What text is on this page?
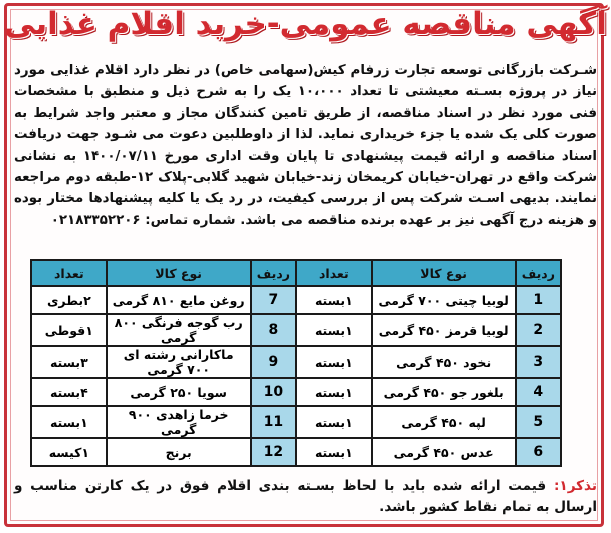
آگهی مناقصه عمومی-خرید اقلام غذایی

شـرکت بازرگانی توسعه تجارت زرفام کیش(سهامی خاص) در نظر دارد اقلام غذایی مورد نیاز در پروژه بسـته معیشتی تا تعداد ۱۰،۰۰۰ یک را به شرح ذیل و منطبق با مشخصات فنی مورد نظر در اسناد مناقصه، از طریق تامین کنندگان مجاز و معتبر واجد شرایط به صورت کلی یک شده یا جزء خریداری نماید. لذا از داوطلبین دعوت می شـود جهت دریافت اسناد مناقصه و ارائه قیمت پیشنهادی تا پایان وقت اداری مورخ ۱۴۰۰/۰۷/۱۱ به نشانی شرکت واقع در تهران-خیابان کریمخان زند-خیابان شهید گلابی-پلاک ۱۲-طبقه دوم مراجعه نمایند. بدیهی اسـت شرکت پس از بررسی کیفیت، در رد یک یا کلیه پیشنهادها مختار بوده و هزینه درج آگهی نیز بر عهده برنده مناقصه می باشد. شماره تماس: ۰۲۱۸۳۳۵۲۲۰۶

ردیف	نوع کالا	تعداد	ردیف	نوع کالا	تعداد
1	لوبیا چیتی ۷۰۰ گرمی	۱بسته	7	روغن مایع ۸۱۰ گرمی	۲بطری
2	لوبیا قرمز ۴۵۰ گرمی	۱بسته	8	رب گوجه فرنگی ۸۰۰ گرمی	۱قوطی
3	نخود ۴۵۰ گرمی	۱بسته	9	ماکارانی رشته ای ۷۰۰ گرمی	۳بسته
4	بلغور جو ۴۵۰ گرمی	۱بسته	10	سویا ۲۵۰ گرمی	۴بسته
5	لپه ۴۵۰ گرمی	۱بسته	11	خرما زاهدی ۹۰۰ گرمی	۱بسته
6	عدس ۴۵۰ گرمی	۱بسته	12	برنج	۱کیسه
تذکر۱: قیمت ارائه شده باید با لحاظ بسـته بندی اقلام فوق در یک کارتن مناسب و ارسال به تمام نقاط کشور باشد.
